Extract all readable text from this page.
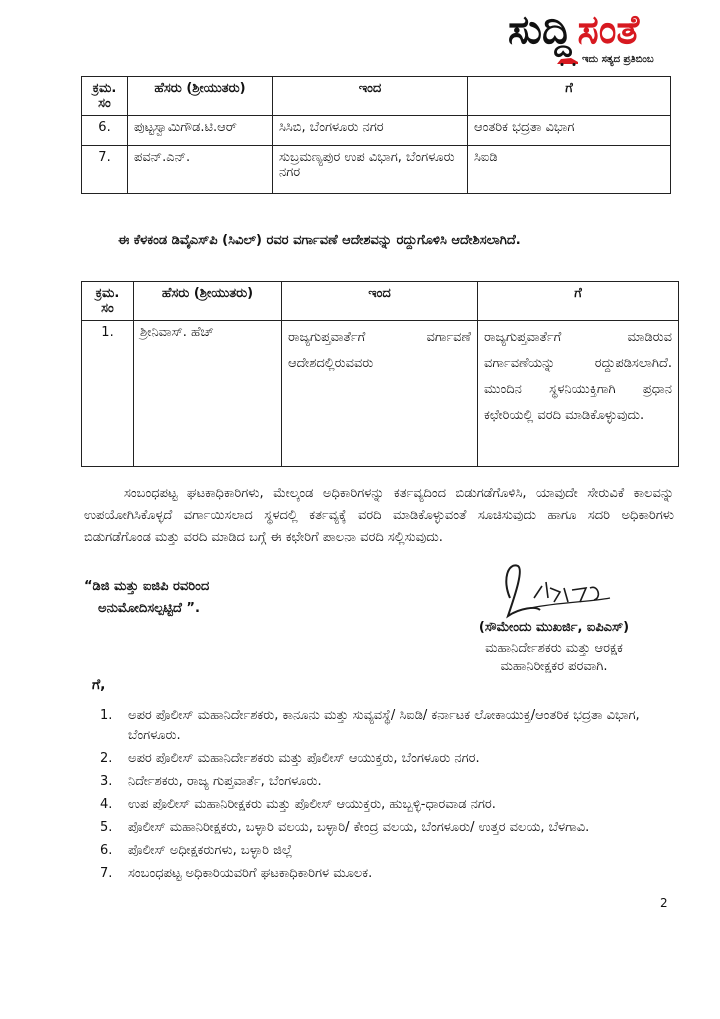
ಸುದ್ದಿ ಸಂತೆ
ಇದು ಸತ್ಯದ ಪ್ರತಿಬಿಂಬ
ಕ್ರಮ. ಸಂ	ಹೆಸರು (ಶ್ರೀಯುತರು)	ಇಂದ	ಗೆ
6.	ಪುಟ್ಟಸ್ವಾಮಿಗೌಡ.ಟಿ.ಆರ್	ಸಿಸಿಬಿ, ಬೆಂಗಳೂರು ನಗರ	ಆಂತರಿಕ ಭದ್ರತಾ ವಿಭಾಗ
7.	ಪವನ್.ಎನ್.	ಸುಬ್ರಮಣ್ಯಪುರ ಉಪ ವಿಭಾಗ, ಬೆಂಗಳೂರು ನಗರ	ಸಿಐಡಿ
ಈ ಕೆಳಕಂಡ ಡಿವೈಎಸ್‌ಪಿ (ಸಿವಿಲ್) ರವರ ವರ್ಗಾವಣೆ ಆದೇಶವನ್ನು ರದ್ದುಗೊಳಿಸಿ ಆದೇಶಿಸಲಾಗಿದೆ.
ಕ್ರಮ. ಸಂ	ಹೆಸರು (ಶ್ರೀಯುತರು)	ಇಂದ	ಗೆ
1.	ಶ್ರೀನಿವಾಸ್. ಹೆಚ್	ರಾಜ್ಯಗುಪ್ತವಾರ್ತೆಗೆ ವರ್ಗಾವಣೆ ಆದೇಶದಲ್ಲಿರುವವರು	ರಾಜ್ಯಗುಪ್ತವಾರ್ತೆಗೆ ಮಾಡಿರುವ ವರ್ಗಾವಣೆಯನ್ನು ರದ್ದುಪಡಿಸಲಾಗಿದೆ. ಮುಂದಿನ ಸ್ಥಳನಿಯುಕ್ತಿಗಾಗಿ ಪ್ರಧಾನ ಕಛೇರಿಯಲ್ಲಿ ವರದಿ ಮಾಡಿಕೊಳ್ಳುವುದು.
ಸಂಬಂಧಪಟ್ಟ ಘಟಕಾಧಿಕಾರಿಗಳು, ಮೇಲ್ಕಂಡ ಅಧಿಕಾರಿಗಳನ್ನು ಕರ್ತವ್ಯದಿಂದ ಬಿಡುಗಡೆಗೊಳಿಸಿ, ಯಾವುದೇ ಸೇರುವಿಕೆ ಕಾಲವನ್ನು ಉಪಯೋಗಿಸಿಕೊಳ್ಳದೆ ವರ್ಗಾಯಿಸಲಾದ ಸ್ಥಳದಲ್ಲಿ ಕರ್ತವ್ಯಕ್ಕೆ ವರದಿ ಮಾಡಿಕೊಳ್ಳುವಂತೆ ಸೂಚಿಸುವುದು ಹಾಗೂ ಸದರಿ ಅಧಿಕಾರಿಗಳು ಬಿಡುಗಡೆಗೊಂಡ ಮತ್ತು ವರದಿ ಮಾಡಿದ ಬಗ್ಗೆ ಈ ಕಛೇರಿಗೆ ಪಾಲನಾ ವರದಿ ಸಲ್ಲಿಸುವುದು.
“ಡಿಜಿ ಮತ್ತು ಐಜಿಪಿ ರವರಿಂದ
ಅನುಮೋದಿಸಲ್ಪಟ್ಟಿದೆ ”.
(ಸೌಮೇಂದು ಮುಖರ್ಜಿ, ಐಪಿಎಸ್)
ಮಹಾನಿರ್ದೇಶಕರು ಮತ್ತು ಆರಕ್ಷಕ
ಮಹಾನಿರೀಕ್ಷಕರ ಪರವಾಗಿ.
ಗೆ,
1. ಅಪರ ಪೊಲೀಸ್ ಮಹಾನಿರ್ದೇಶಕರು, ಕಾನೂನು ಮತ್ತು ಸುವ್ಯವಸ್ಥೆ/ ಸಿಐಡಿ/ ಕರ್ನಾಟಕ ಲೋಕಾಯುಕ್ತ/ಆಂತರಿಕ ಭದ್ರತಾ ವಿಭಾಗ, ಬೆಂಗಳೂರು.
2. ಅಪರ ಪೊಲೀಸ್ ಮಹಾನಿರ್ದೇಶಕರು ಮತ್ತು ಪೊಲೀಸ್ ಆಯುಕ್ತರು, ಬೆಂಗಳೂರು ನಗರ.
3. ನಿರ್ದೇಶಕರು, ರಾಜ್ಯ ಗುಪ್ತವಾರ್ತೆ, ಬೆಂಗಳೂರು.
4. ಉಪ ಪೊಲೀಸ್ ಮಹಾನಿರೀಕ್ಷಕರು ಮತ್ತು ಪೊಲೀಸ್ ಆಯುಕ್ತರು, ಹುಬ್ಬಳ್ಳಿ-ಧಾರವಾಡ ನಗರ.
5. ಪೊಲೀಸ್ ಮಹಾನಿರೀಕ್ಷಕರು, ಬಳ್ಳಾರಿ ವಲಯ, ಬಳ್ಳಾರಿ/ ಕೇಂದ್ರ ವಲಯ, ಬೆಂಗಳೂರು/ ಉತ್ತರ ವಲಯ, ಬೆಳಗಾವಿ.
6. ಪೊಲೀಸ್ ಅಧೀಕ್ಷಕರುಗಳು, ಬಳ್ಳಾರಿ ಜಿಲ್ಲೆ
7. ಸಂಬಂಧಪಟ್ಟ ಅಧಿಕಾರಿಯವರಿಗೆ ಘಟಕಾಧಿಕಾರಿಗಳ ಮೂಲಕ.
2
